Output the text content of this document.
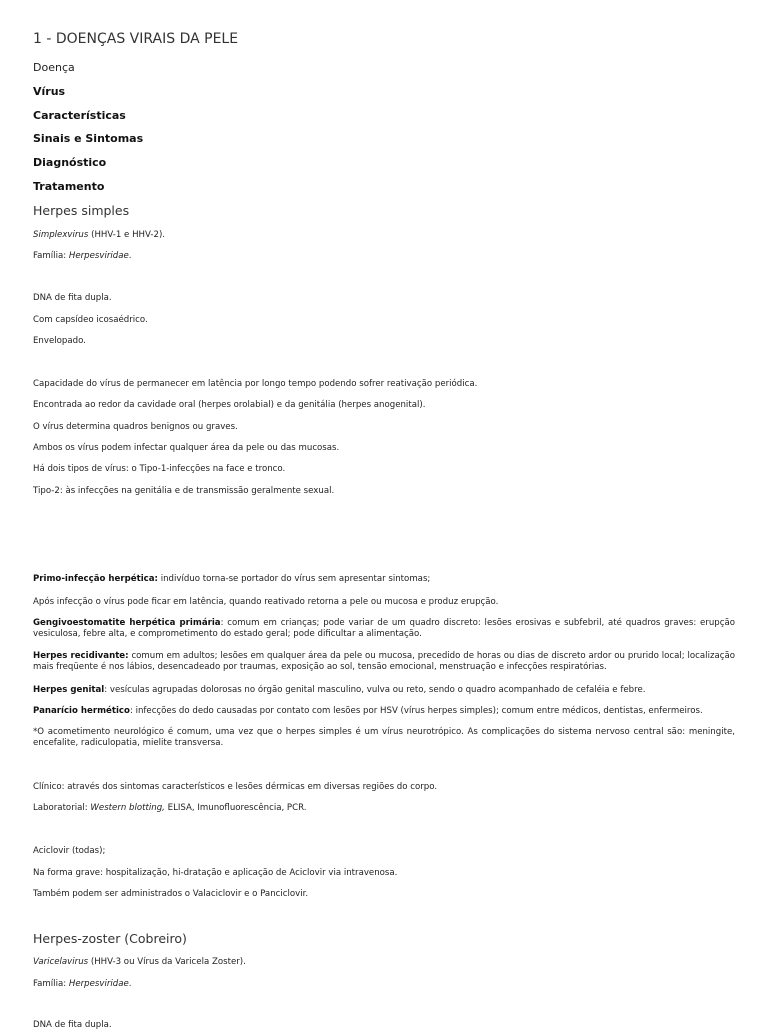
1 - DOENÇAS VIRAIS DA PELE
Doença
Vírus
Características
Sinais e Sintomas
Diagnóstico
Tratamento
Herpes simples
Simplexvirus (HHV-1 e HHV-2).
Família: Herpesviridae.
DNA de fita dupla.
Com capsídeo icosaédrico.
Envelopado.
Capacidade do vírus de permanecer em latência por longo tempo podendo sofrer reativação periódica.
Encontrada ao redor da cavidade oral (herpes orolabial) e da genitália (herpes anogenital).
O vírus determina quadros benignos ou graves.
Ambos os vírus podem infectar qualquer área da pele ou das mucosas.
Há dois tipos de vírus: o Tipo-1-infecções na face e tronco.
Tipo-2: às infecções na genitália e de transmissão geralmente sexual.
Primo-infecção herpética: indivíduo torna-se portador do vírus sem apresentar sintomas;
Após infecção o vírus pode ficar em latência, quando reativado retorna a pele ou mucosa e produz erupção.
Gengivoestomatite herpética primária: comum em crianças; pode variar de um quadro discreto: lesões erosivas e subfebril, até quadros graves: erupção vesiculosa, febre alta, e comprometimento do estado geral; pode dificultar a alimentação.
Herpes recidivante: comum em adultos; lesões em qualquer área da pele ou mucosa, precedido de horas ou dias de discreto ardor ou prurido local; localização mais freqüente é nos lábios, desencadeado por traumas, exposição ao sol, tensão emocional, menstruação e infecções respiratórias.
Herpes genital: vesículas agrupadas dolorosas no órgão genital masculino, vulva ou reto, sendo o quadro acompanhado de cefaléia e febre.
Panarício hermético: infecções do dedo causadas por contato com lesões por HSV (vírus herpes simples); comum entre médicos, dentistas, enfermeiros.
*O acometimento neurológico é comum, uma vez que o herpes simples é um vírus neurotrópico. As complicações do sistema nervoso central são: meningite, encefalite, radiculopatia, mielite transversa.
Clínico: através dos sintomas característicos e lesões dérmicas em diversas regiões do corpo.
Laboratorial: Western blotting, ELISA, Imunofluorescência, PCR.
Aciclovir (todas);
Na forma grave: hospitalização, hi-dratação e aplicação de Aciclovir via intravenosa.
Também podem ser administrados o Valaciclovir e o Panciclovir.
Herpes-zoster (Cobreiro)
Varicelavirus (HHV-3 ou Vírus da Varicela Zoster).
Família: Herpesviridae.
DNA de fita dupla.
